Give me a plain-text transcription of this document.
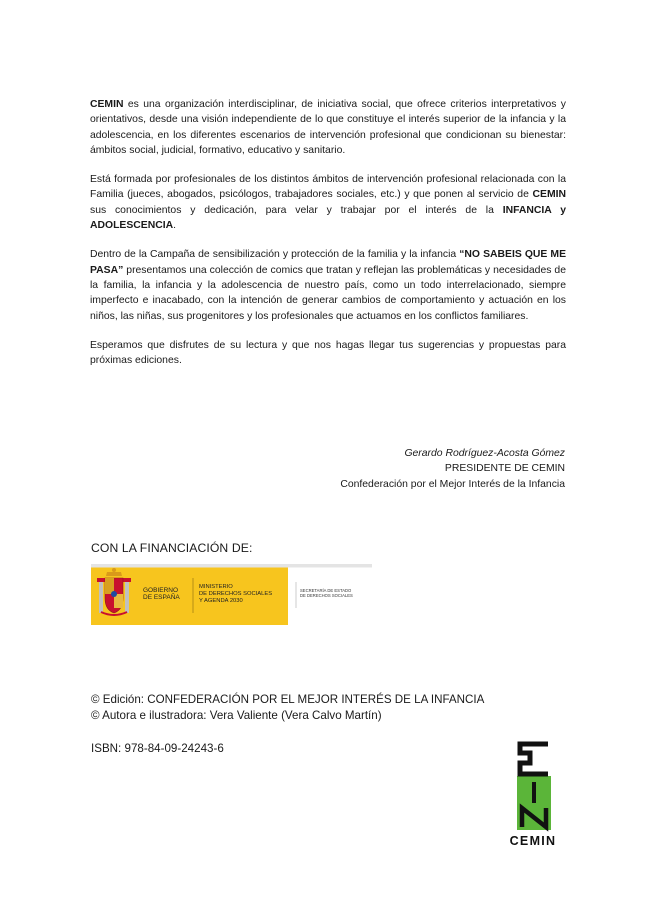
CEMIN es una organización interdisciplinar, de iniciativa social, que ofrece criterios interpretativos y orientativos, desde una visión independiente de lo que constituye el interés superior de la infancia y la adolescencia, en los diferentes escenarios de intervención profesional que condicionan su bienestar: ámbitos social, judicial, formativo, educativo y sanitario.

Está formada por profesionales de los distintos ámbitos de intervención profesional relacionada con la Familia (jueces, abogados, psicólogos, trabajadores sociales, etc.) y que ponen al servicio de CEMIN sus conocimientos y dedicación, para velar y trabajar por el interés de la INFANCIA y ADOLESCENCIA.

Dentro de la Campaña de sensibilización y protección de la familia y la infancia “NO SABEIS QUE ME PASA” presentamos una colección de comics que tratan y reflejan las problemáticas y necesidades de la familia, la infancia y la adolescencia de nuestro país, como un todo interrelacionado, siempre imperfecto e inacabado, con la intención de generar cambios de comportamiento y actuación en los niños, las niñas, sus progenitores y los profesionales que actuamos en los conflictos familiares.

Esperamos que disfrutes de su lectura y que nos hagas llegar tus sugerencias y propuestas para próximas ediciones.

Gerardo Rodríguez-Acosta Gómez
PRESIDENTE DE CEMIN
Confederación por el Mejor Interés de la Infancia
CON LA FINANCIACIÓN DE:
GOBIERNO
DE ESPAÑA
MINISTERIO
DE DERECHOS SOCIALES
Y AGENDA 2030
SECRETARÍA DE ESTADO
DE DERECHOS SOCIALES
© Edición: CONFEDERACIÓN POR EL MEJOR INTERÉS DE LA INFANCIA
© Autora e ilustradora: Vera Valiente (Vera Calvo Martín)
ISBN: 978-84-09-24243-6
CEMIN
